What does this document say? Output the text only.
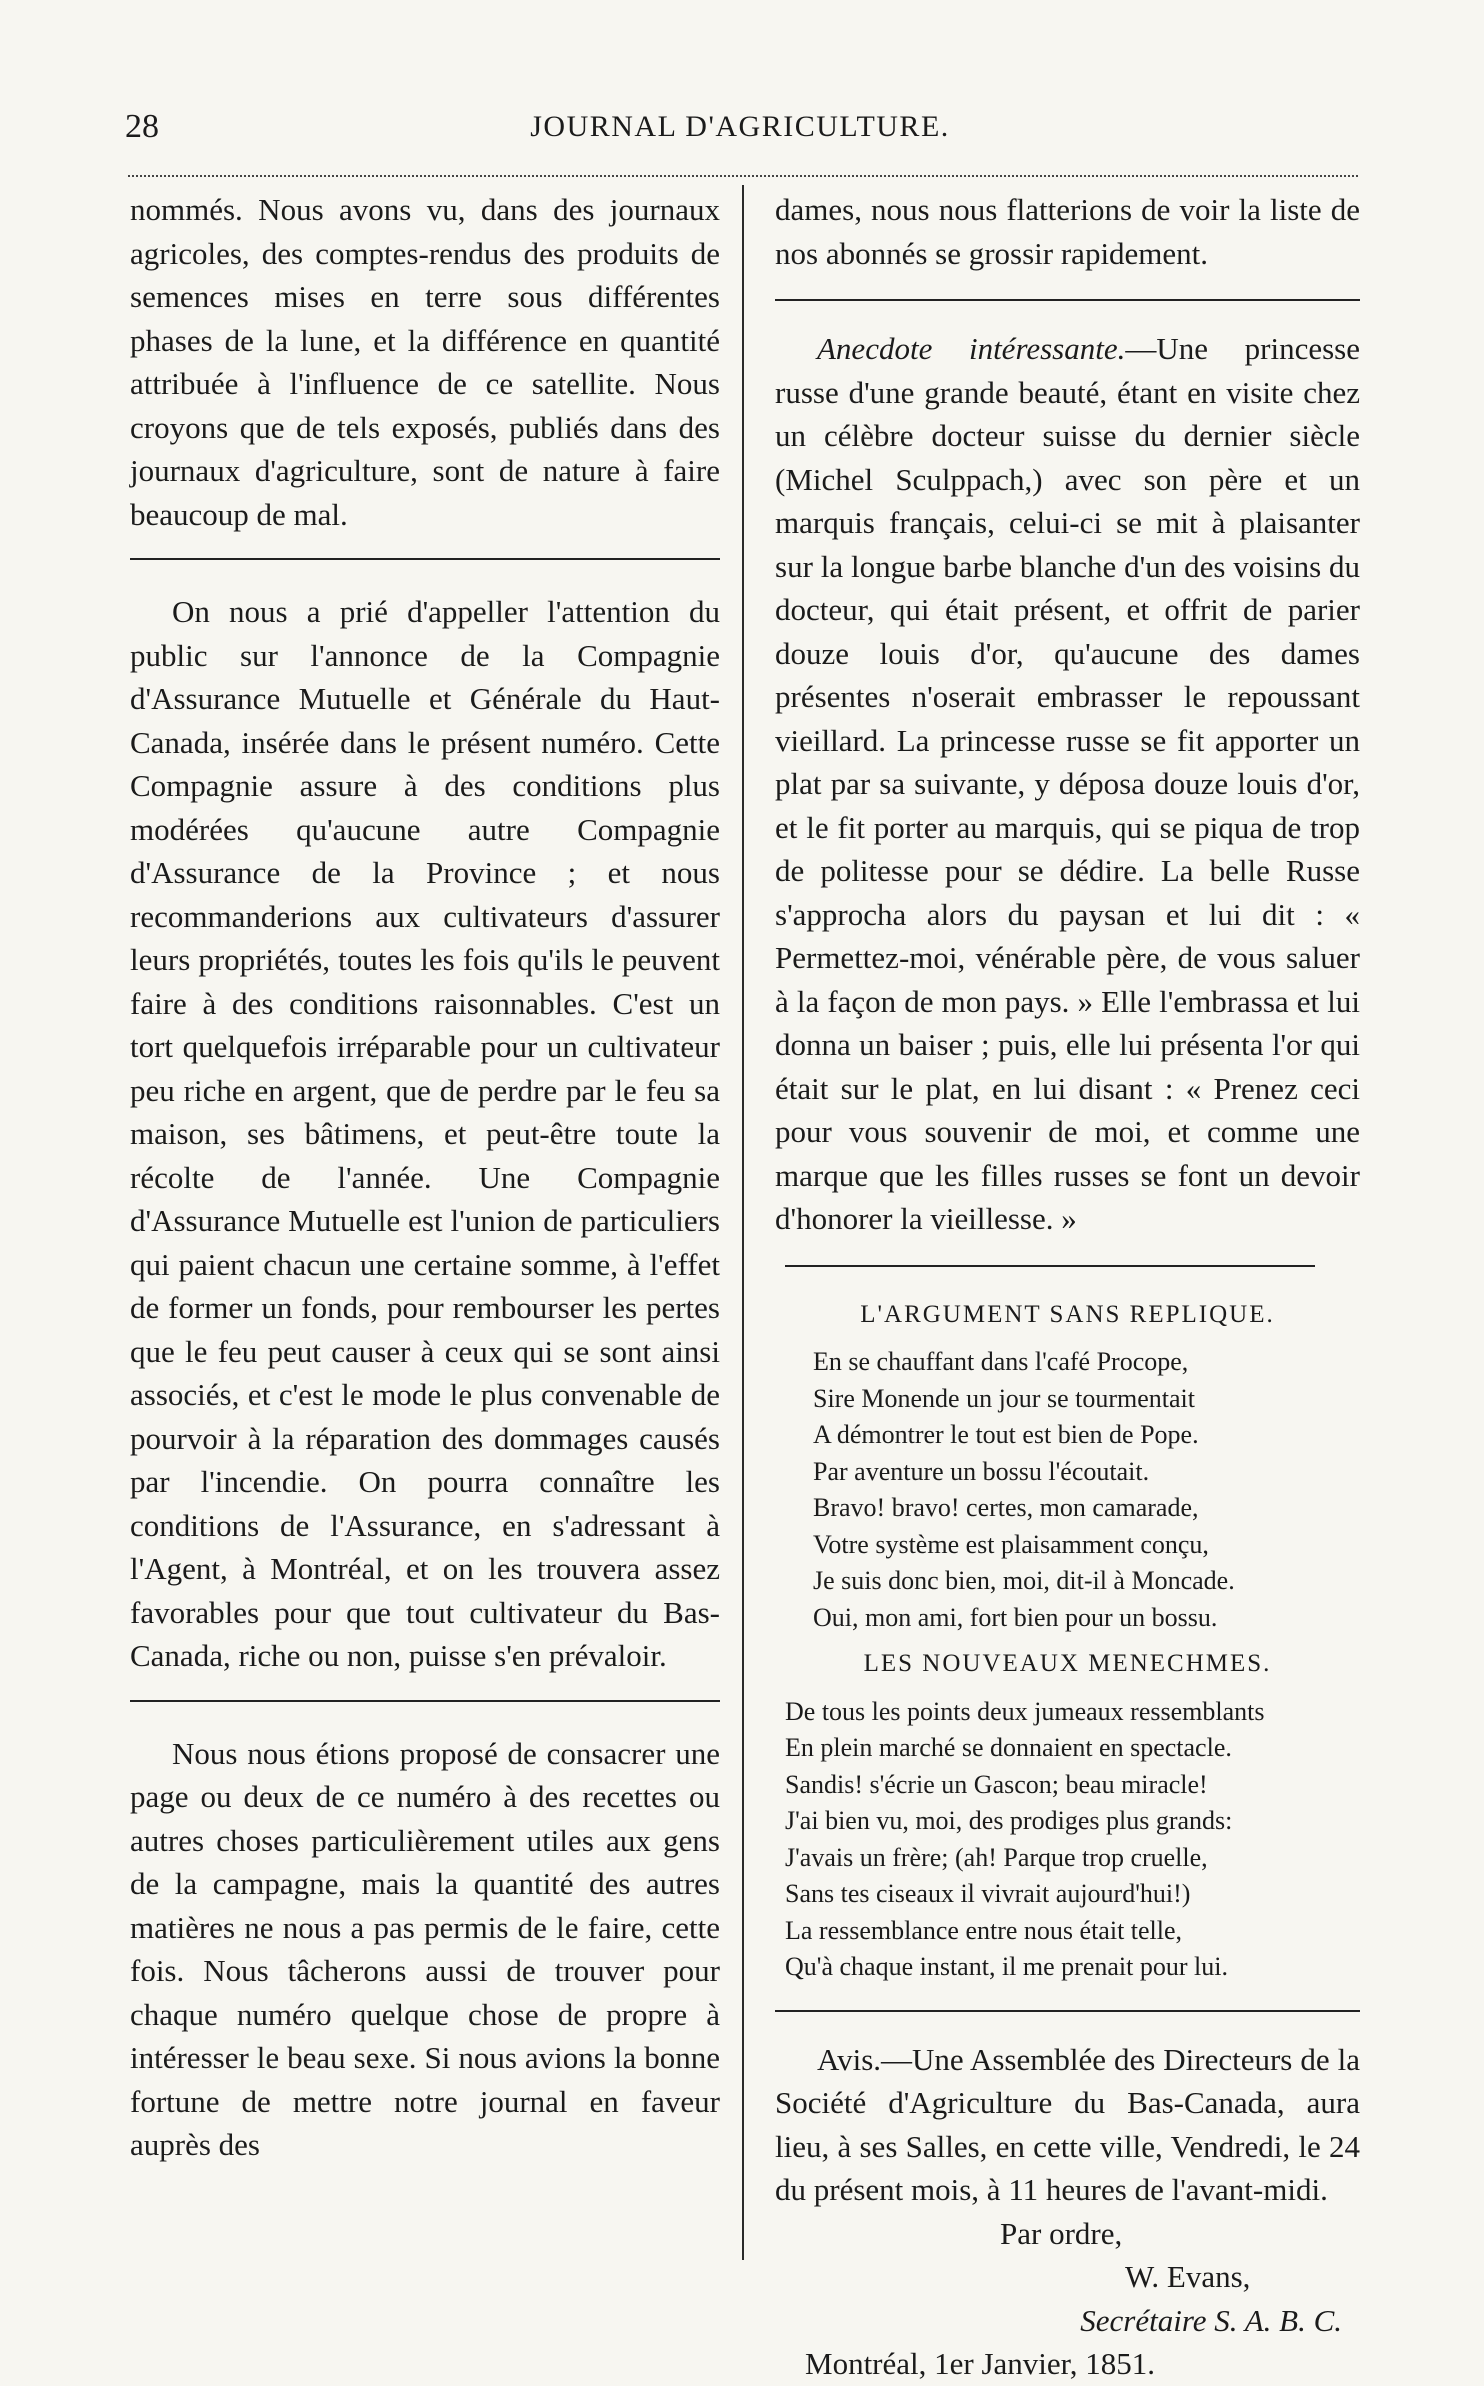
28	JOURNAL D'AGRICULTURE.

nommés. Nous avons vu, dans des journaux agricoles, des comptes-rendus des produits de semences mises en terre sous différentes phases de la lune, et la différence en quantité attribuée à l'influence de ce satellite. Nous croyons que de tels exposés, publiés dans des journaux d'agriculture, sont de nature à faire beaucoup de mal.

On nous a prié d'appeller l'attention du public sur l'annonce de la Compagnie d'Assurance Mutuelle et Générale du Haut-Canada, insérée dans le présent numéro. Cette Compagnie assure à des conditions plus modérées qu'aucune autre Compagnie d'Assurance de la Province ; et nous recommanderions aux cultivateurs d'assurer leurs propriétés, toutes les fois qu'ils le peuvent faire à des conditions raisonnables. C'est un tort quelquefois irréparable pour un cultivateur peu riche en argent, que de perdre par le feu sa maison, ses bâtimens, et peut-être toute la récolte de l'année. Une Compagnie d'Assurance Mutuelle est l'union de particuliers qui paient chacun une certaine somme, à l'effet de former un fonds, pour rembourser les pertes que le feu peut causer à ceux qui se sont ainsi associés, et c'est le mode le plus convenable de pourvoir à la réparation des dommages causés par l'incendie. On pourra connaître les conditions de l'Assurance, en s'adressant à l'Agent, à Montréal, et on les trouvera assez favorables pour que tout cultivateur du Bas-Canada, riche ou non, puisse s'en prévaloir.

Nous nous étions proposé de consacrer une page ou deux de ce numéro à des recettes ou autres choses particulièrement utiles aux gens de la campagne, mais la quantité des autres matières ne nous a pas permis de le faire, cette fois. Nous tâcherons aussi de trouver pour chaque numéro quelque chose de propre à intéresser le beau sexe. Si nous avions la bonne fortune de mettre notre journal en faveur auprès des

dames, nous nous flatterions de voir la liste de nos abonnés se grossir rapidement.

Anecdote intéressante.—Une princesse russe d'une grande beauté, étant en visite chez un célèbre docteur suisse du dernier siècle (Michel Sculppach,) avec son père et un marquis français, celui-ci se mit à plaisanter sur la longue barbe blanche d'un des voisins du docteur, qui était présent, et offrit de parier douze louis d'or, qu'aucune des dames présentes n'oserait embrasser le repoussant vieillard. La princesse russe se fit apporter un plat par sa suivante, y déposa douze louis d'or, et le fit porter au marquis, qui se piqua de trop de politesse pour se dédire. La belle Russe s'approcha alors du paysan et lui dit : « Permettez-moi, vénérable père, de vous saluer à la façon de mon pays. » Elle l'embrassa et lui donna un baiser ; puis, elle lui présenta l'or qui était sur le plat, en lui disant : « Prenez ceci pour vous souvenir de moi, et comme une marque que les filles russes se font un devoir d'honorer la vieillesse. »

L'ARGUMENT SANS REPLIQUE.
En se chauffant dans l'café Procope,
Sire Monende un jour se tourmentait
A démontrer le tout est bien de Pope.
Par aventure un bossu l'écoutait.
Bravo! bravo! certes, mon camarade,
Votre système est plaisamment conçu,
Je suis donc bien, moi, dit-il à Moncade.
Oui, mon ami, fort bien pour un bossu.
LES NOUVEAUX MENECHMES.
De tous les points deux jumeaux ressemblants
En plein marché se donnaient en spectacle.
Sandis! s'écrie un Gascon; beau miracle!
J'ai bien vu, moi, des prodiges plus grands:
J'avais un frère; (ah! Parque trop cruelle,
Sans tes ciseaux il vivrait aujourd'hui!)
La ressemblance entre nous était telle,
Qu'à chaque instant, il me prenait pour lui.

Avis.—Une Assemblée des Directeurs de la Société d'Agriculture du Bas-Canada, aura lieu, à ses Salles, en cette ville, Vendredi, le 24 du présent mois, à 11 heures de l'avant-midi.

Par ordre,
W. Evans,
Secrétaire S. A. B. C.
Montréal, 1er Janvier, 1851.
